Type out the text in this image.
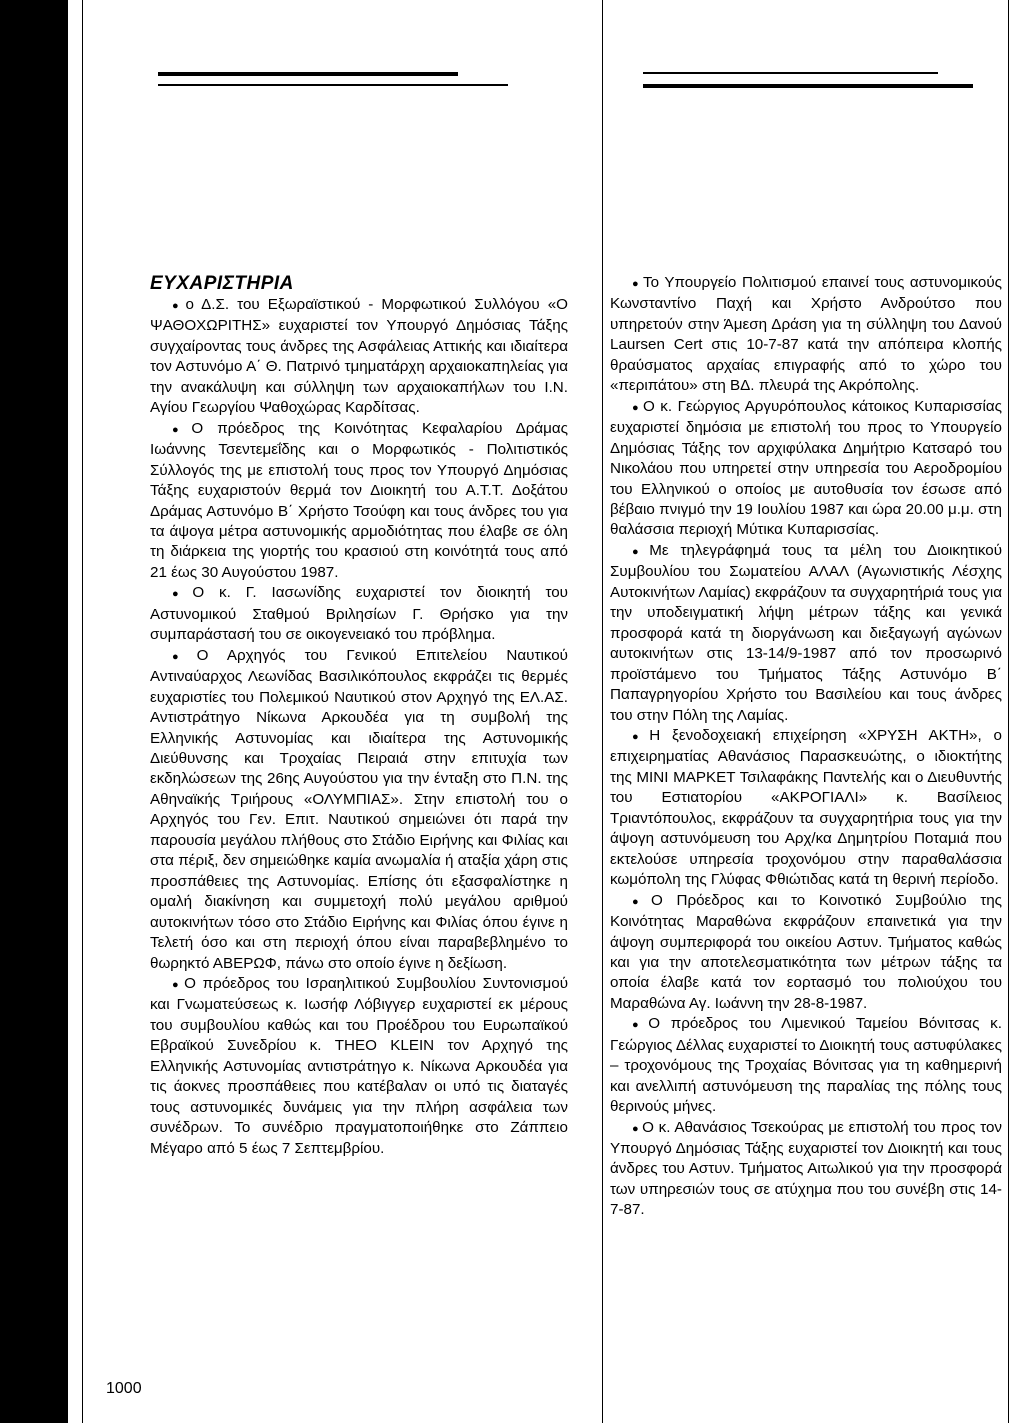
ΕΥΧΑΡΙΣΤΗΡΙΑ

● ο Δ.Σ. του Εξωραϊστικού - Μορφωτικού Συλλόγου «Ο ΨΑΘΟΧΩΡΙΤΗΣ» ευχαριστεί τον Υπουργό Δημόσιας Τάξης συγχαίροντας τους άνδρες της Ασφάλειας Αττικής και ιδιαίτερα τον Αστυνόμο Α΄ Θ. Πατρινό τμηματάρχη αρχαιοκαπηλείας για την ανακάλυψη και σύλληψη των αρχαιοκαπήλων του Ι.Ν. Αγίου Γεωργίου Ψαθοχώρας Καρδίτσας.

● Ο πρόεδρος της Κοινότητας Κεφαλαρίου Δράμας Ιωάννης Τσεντεμεΐδης και ο Μορφωτικός - Πολιτιστικός Σύλλογός της με επιστολή τους προς τον Υπουργό Δημόσιας Τάξης ευχαριστούν θερμά τον Διοικητή του Α.Τ.Τ. Δοξάτου Δράμας Αστυνόμο Β΄ Χρήστο Τσούφη και τους άνδρες του για τα άψογα μέτρα αστυνομικής αρμοδιότητας που έλαβε σε όλη τη διάρκεια της γιορτής του κρασιού στη κοινότητά τους από 21 έως 30 Αυγούστου 1987.

● Ο κ. Γ. Ιασωνίδης ευχαριστεί τον διοικητή του Αστυνομικού Σταθμού Βριλησίων Γ. Θρήσκο για την συμπαράστασή του σε οικογενειακό του πρόβλημα.

● Ο Αρχηγός του Γενικού Επιτελείου Ναυτικού Αντιναύαρχος Λεωνίδας Βασιλικόπουλος εκφράζει τις θερμές ευχαριστίες του Πολεμικού Ναυτικού στον Αρχηγό της ΕΛ.ΑΣ. Αντιστράτηγο Νίκωνα Αρκουδέα για τη συμβολή της Ελληνικής Αστυνομίας και ιδιαίτερα της Αστυνομικής Διεύθυνσης και Τροχαίας Πειραιά στην επιτυχία των εκδηλώσεων της 26ης Αυγούστου για την ένταξη στο Π.Ν. της Αθηναϊκής Τριήρους «ΟΛΥΜΠΙΑΣ». Στην επιστολή του ο Αρχηγός του Γεν. Επιτ. Ναυτικού σημειώνει ότι παρά την παρουσία μεγάλου πλήθους στο Στάδιο Ειρήνης και Φιλίας και στα πέριξ, δεν σημειώθηκε καμία ανωμαλία ή αταξία χάρη στις προσπάθειες της Αστυνομίας. Επίσης ότι εξασφαλίστηκε η ομαλή διακίνηση και συμμετοχή πολύ μεγάλου αριθμού αυτοκινήτων τόσο στο Στάδιο Ειρήνης και Φιλίας όπου έγινε η Τελετή όσο και στη περιοχή όπου είναι παραβεβλημένο το θωρηκτό ΑΒΕΡΩΦ, πάνω στο οποίο έγινε η δεξίωση.

● Ο πρόεδρος του Ισραηλιτικού Συμβουλίου Συντονισμού και Γνωματεύσεως κ. Ιωσήφ Λόβιγγερ ευχαριστεί εκ μέρους του συμβουλίου καθώς και του Προέδρου του Ευρωπαϊκού Εβραϊκού Συνεδρίου κ. THEO KLEIN τον Αρχηγό της Ελληνικής Αστυνομίας αντιστράτηγο κ. Νίκωνα Αρκουδέα για τις άοκνες προσπάθειες που κατέβαλαν οι υπό τις διαταγές τους αστυνομικές δυνάμεις για την πλήρη ασφάλεια των συνέδρων. Το συνέδριο πραγματοποιήθηκε στο Ζάππειο Μέγαρο από 5 έως 7 Σεπτεμβρίου.

● Το Υπουργείο Πολιτισμού επαινεί τους αστυνομικούς Κωνσταντίνο Παχή και Χρήστο Ανδρούτσο που υπηρετούν στην Άμεση Δράση για τη σύλληψη του Δανού Laursen Cert στις 10-7-87 κατά την απόπειρα κλοπής θραύσματος αρχαίας επιγραφής από το χώρο του «περιπάτου» στη ΒΔ. πλευρά της Ακρόπολης.

● Ο κ. Γεώργιος Αργυρόπουλος κάτοικος Κυπαρισσίας ευχαριστεί δημόσια με επιστολή του προς το Υπουργείο Δημόσιας Τάξης τον αρχιφύλακα Δημήτριο Κατσαρό του Νικολάου που υπηρετεί στην υπηρεσία του Αεροδρομίου του Ελληνικού ο οποίος με αυτοθυσία τον έσωσε από βέβαιο πνιγμό την 19 Ιουλίου 1987 και ώρα 20.00 μ.μ. στη θαλάσσια περιοχή Μύτικα Κυπαρισσίας.

● Με τηλεγράφημά τους τα μέλη του Διοικητικού Συμβουλίου του Σωματείου ΑΛΑΛ (Αγωνιστικής Λέσχης Αυτοκινήτων Λαμίας) εκφράζουν τα συγχαρητήριά τους για την υποδειγματική λήψη μέτρων τάξης και γενικά προσφορά κατά τη διοργάνωση και διεξαγωγή αγώνων αυτοκινήτων στις 13-14/9-1987 από τον προσωρινό προϊστάμενο του Τμήματος Τάξης Αστυνόμο Β΄ Παπαγρηγορίου Χρήστο του Βασιλείου και τους άνδρες του στην Πόλη της Λαμίας.

● Η ξενοδοχειακή επιχείρηση «ΧΡΥΣΗ ΑΚΤΗ», ο επιχειρηματίας Αθανάσιος Παρασκευώτης, ο ιδιοκτήτης της MINI ΜΑΡΚΕΤ Τσιλαφάκης Παντελής και ο Διευθυντής του Εστιατορίου «ΑΚΡΟΓΙΑΛΙ» κ. Βασίλειος Τριαντόπουλος, εκφράζουν τα συγχαρητήρια τους για την άψογη αστυνόμευση του Αρχ/κα Δημητρίου Ποταμιά που εκτελούσε υπηρεσία τροχονόμου στην παραθαλάσσια κωμόπολη της Γλύφας Φθιώτιδας κατά τη θερινή περίοδο.

● Ο Πρόεδρος και το Κοινοτικό Συμβούλιο της Κοινότητας Μαραθώνα εκφράζουν επαινετικά για την άψογη συμπεριφορά του οικείου Αστυν. Τμήματος καθώς και για την αποτελεσματικότητα των μέτρων τάξης τα οποία έλαβε κατά τον εορτασμό του πολιούχου του Μαραθώνα Αγ. Ιωάννη την 28-8-1987.

● Ο πρόεδρος του Λιμενικού Ταμείου Βόνιτσας κ. Γεώργιος Δέλλας ευχαριστεί το Διοικητή τους αστυφύλακες – τροχονόμους της Τροχαίας Βόνιτσας για τη καθημερινή και ανελλιπή αστυνόμευση της παραλίας της πόλης τους θερινούς μήνες.

● Ο κ. Αθανάσιος Τσεκούρας με επιστολή του προς τον Υπουργό Δημόσιας Τάξης ευχαριστεί τον Διοικητή και τους άνδρες του Αστυν. Τμήματος Αιτωλικού για την προσφορά των υπηρεσιών τους σε ατύχημα που του συνέβη στις 14-7-87.

1000
